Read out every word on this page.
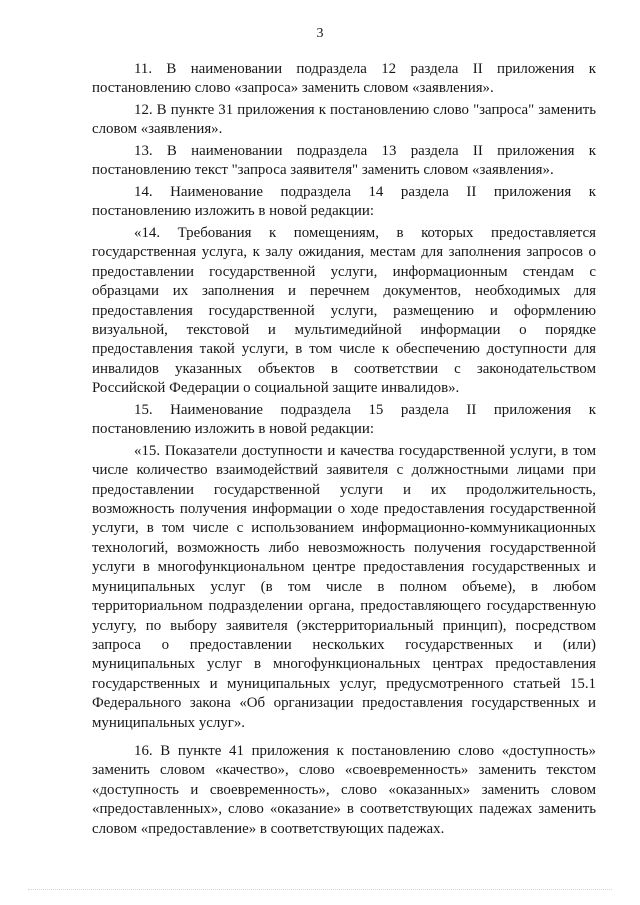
3

11. В наименовании подраздела 12 раздела II приложения к постановлению слово «запроса» заменить словом «заявления».

12. В пункте 31 приложения к постановлению слово "запроса" заменить словом «заявления».

13. В наименовании подраздела 13 раздела II приложения к постановлению текст "запроса заявителя" заменить словом «заявления».

14. Наименование подраздела 14 раздела II приложения к постановлению изложить в новой редакции:

«14. Требования к помещениям, в которых предоставляется государственная услуга, к залу ожидания, местам для заполнения запросов о предоставлении государственной услуги, информационным стендам с образцами их заполнения и перечнем документов, необходимых для предоставления государственной услуги, размещению и оформлению визуальной, текстовой и мультимедийной информации о порядке предоставления такой услуги, в том числе к обеспечению доступности для инвалидов указанных объектов в соответствии с законодательством Российской Федерации о социальной защите инвалидов».

15. Наименование подраздела 15 раздела II приложения к постановлению изложить в новой редакции:

«15. Показатели доступности и качества государственной услуги, в том числе количество взаимодействий заявителя с должностными лицами при предоставлении государственной услуги и их продолжительность, возможность получения информации о ходе предоставления государственной услуги, в том числе с использованием информационно-коммуникационных технологий, возможность либо невозможность получения государственной услуги в многофункциональном центре предоставления государственных и муниципальных услуг (в том числе в полном объеме), в любом территориальном подразделении органа, предоставляющего государственную услугу, по выбору заявителя (экстерриториальный принцип), посредством запроса о предоставлении нескольких государственных и (или) муниципальных услуг в многофункциональных центрах предоставления государственных и муниципальных услуг, предусмотренного статьей 15.1 Федерального закона «Об организации предоставления государственных и муниципальных услуг».

16. В пункте 41 приложения к постановлению слово «доступность» заменить словом «качество», слово «своевременность» заменить текстом «доступность и своевременность», слово «оказанных» заменить словом «предоставленных», слово «оказание» в соответствующих падежах заменить словом «предоставление» в соответствующих падежах.
